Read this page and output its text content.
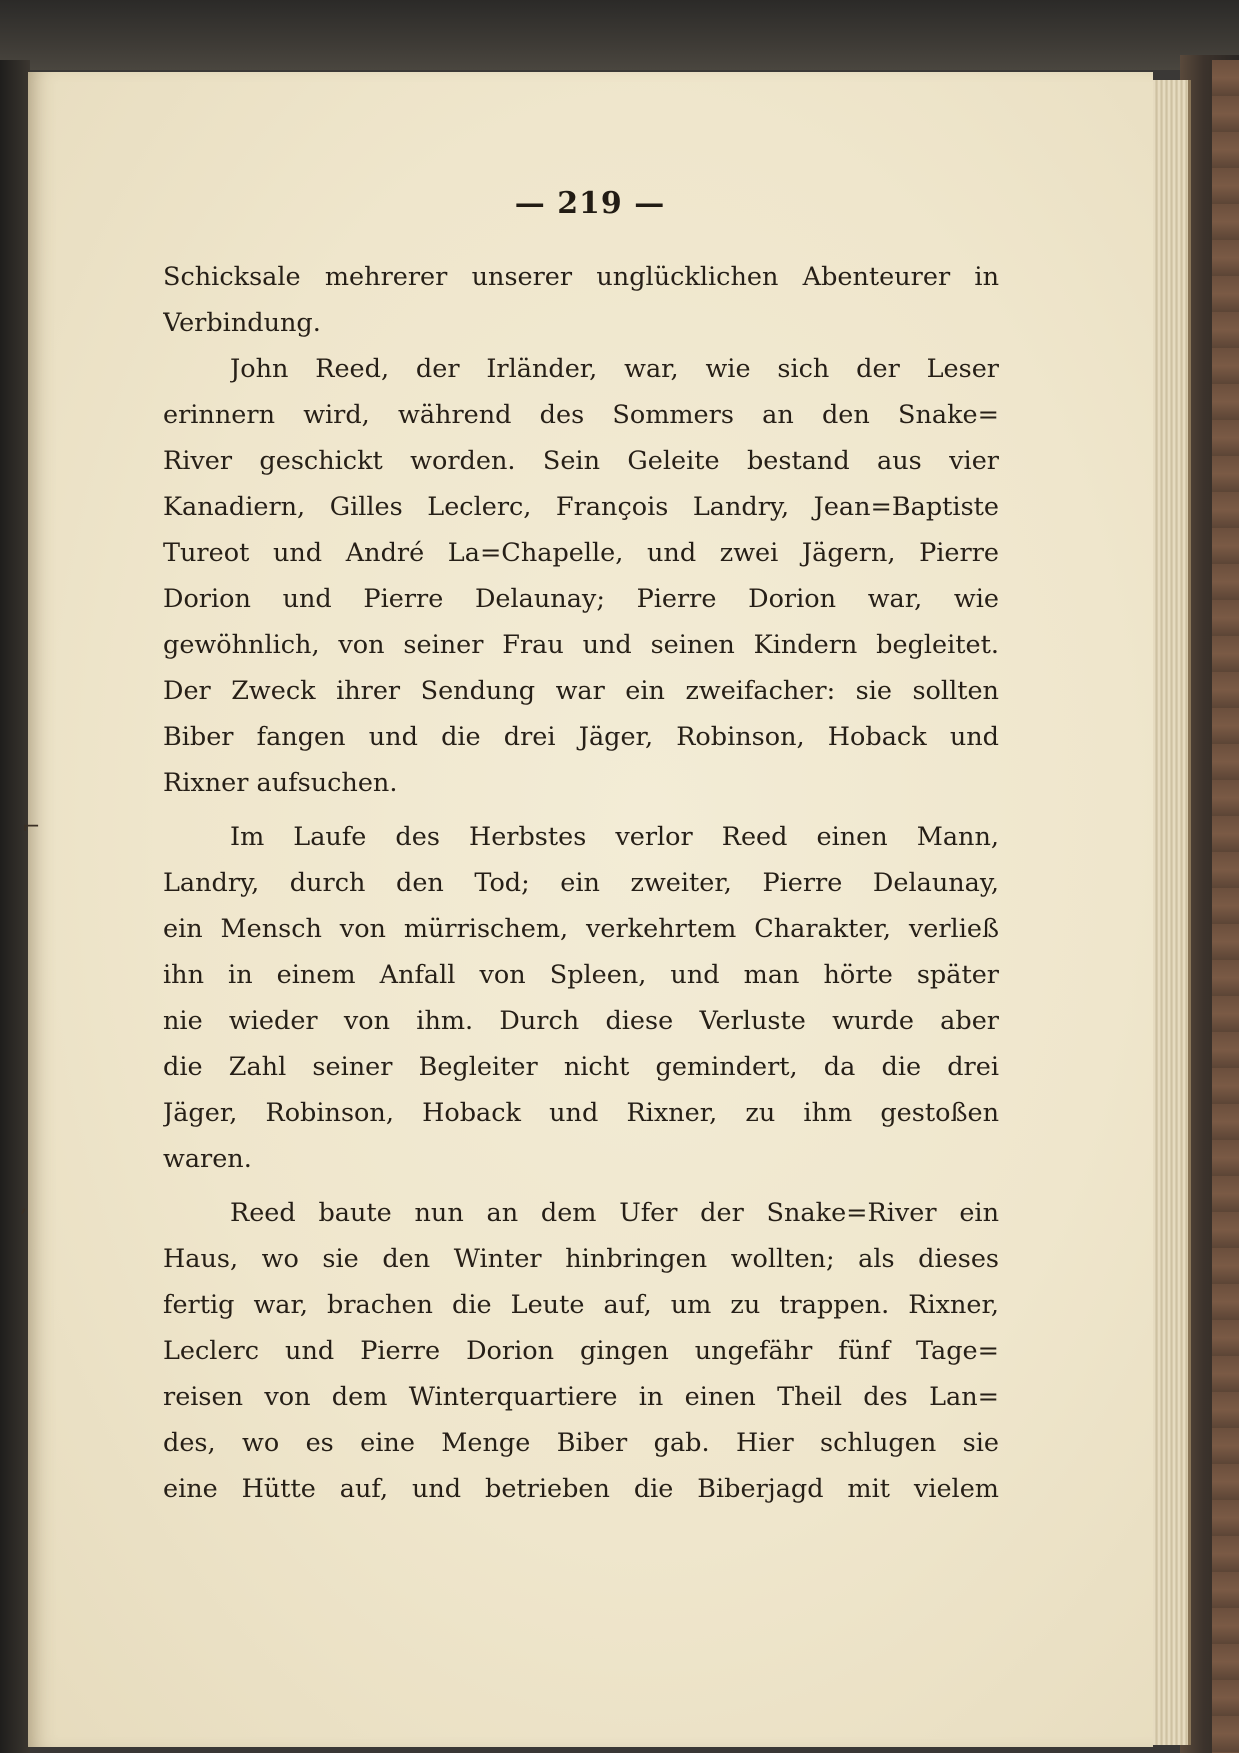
— 219 —
⌐
‚
Schicksale mehrerer unserer unglücklichen Abenteurer in
Verbindung.
John Reed, der Irländer, war, wie sich der Leser
erinnern wird, während des Sommers an den Snake=
River geschickt worden. Sein Geleite bestand aus vier
Kanadiern, Gilles Leclerc, François Landry, Jean=Baptiste
Tureot und André La=Chapelle, und zwei Jägern, Pierre
Dorion und Pierre Delaunay; Pierre Dorion war, wie
gewöhnlich, von seiner Frau und seinen Kindern begleitet.
Der Zweck ihrer Sendung war ein zweifacher: sie sollten
Biber fangen und die drei Jäger, Robinson, Hoback und
Rixner aufsuchen.
Im Laufe des Herbstes verlor Reed einen Mann,
Landry, durch den Tod; ein zweiter, Pierre Delaunay,
ein Mensch von mürrischem, verkehrtem Charakter, verließ
ihn in einem Anfall von Spleen, und man hörte später
nie wieder von ihm. Durch diese Verluste wurde aber
die Zahl seiner Begleiter nicht gemindert, da die drei
Jäger, Robinson, Hoback und Rixner, zu ihm gestoßen
waren.
Reed baute nun an dem Ufer der Snake=River ein
Haus, wo sie den Winter hinbringen wollten; als dieses
fertig war, brachen die Leute auf, um zu trappen. Rixner,
Leclerc und Pierre Dorion gingen ungefähr fünf Tage=
reisen von dem Winterquartiere in einen Theil des Lan=
des, wo es eine Menge Biber gab. Hier schlugen sie
eine Hütte auf, und betrieben die Biberjagd mit vielem
